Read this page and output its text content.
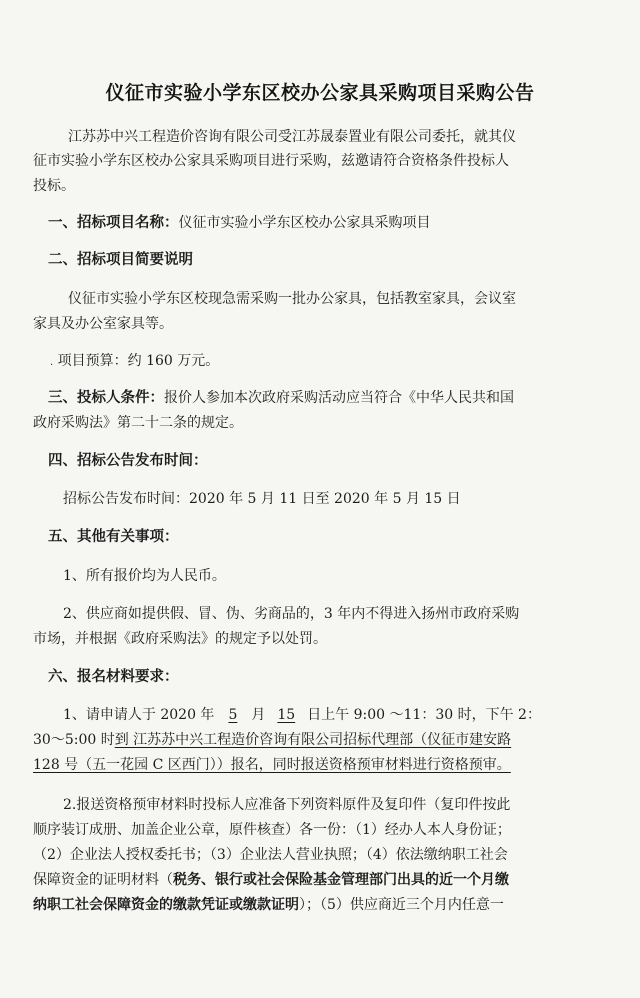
仪征市实验小学东区校办公家具采购项目采购公告
江苏苏中兴工程造价咨询有限公司受江苏晟泰置业有限公司委托，就其仪
征市实验小学东区校办公家具采购项目进行采购，兹邀请符合资格条件投标人
投标。
一、招标项目名称：仪征市实验小学东区校办公家具采购项目
二、招标项目简要说明
仪征市实验小学东区校现急需采购一批办公家具，包括教室家具，会议室
家具及办公室家具等。
. 项目预算：约 160 万元。
三、投标人条件：报价人参加本次政府采购活动应当符合《中华人民共和国
政府采购法》第二十二条的规定。
四、招标公告发布时间：
招标公告发布时间：2020 年 5 月 11 日至 2020 年 5 月 15 日
五、其他有关事项：
1、所有报价均为人民币。
2、供应商如提供假、冒、伪、劣商品的，3 年内不得进入扬州市政府采购
市场，并根据《政府采购法》的规定予以处罚。
六、报名材料要求：
1、请申请人于 2020 年 5 月 15 日上午 9:00 ～11：30 时，下午 2：
30～5:00 时到 江苏苏中兴工程造价咨询有限公司招标代理部（仪征市建安路
128 号（五一花园 C 区西门））报名，同时报送资格预审材料进行资格预审。
2.报送资格预审材料时投标人应准备下列资料原件及复印件（复印件按此
顺序装订成册、加盖企业公章，原件核查）各一份：（1）经办人本人身份证；
（2）企业法人授权委托书；（3）企业法人营业执照；（4）依法缴纳职工社会
保障资金的证明材料（税务、银行或社会保险基金管理部门出具的近一个月缴
纳职工社会保障资金的缴款凭证或缴款证明）；（5）供应商近三个月内任意一
